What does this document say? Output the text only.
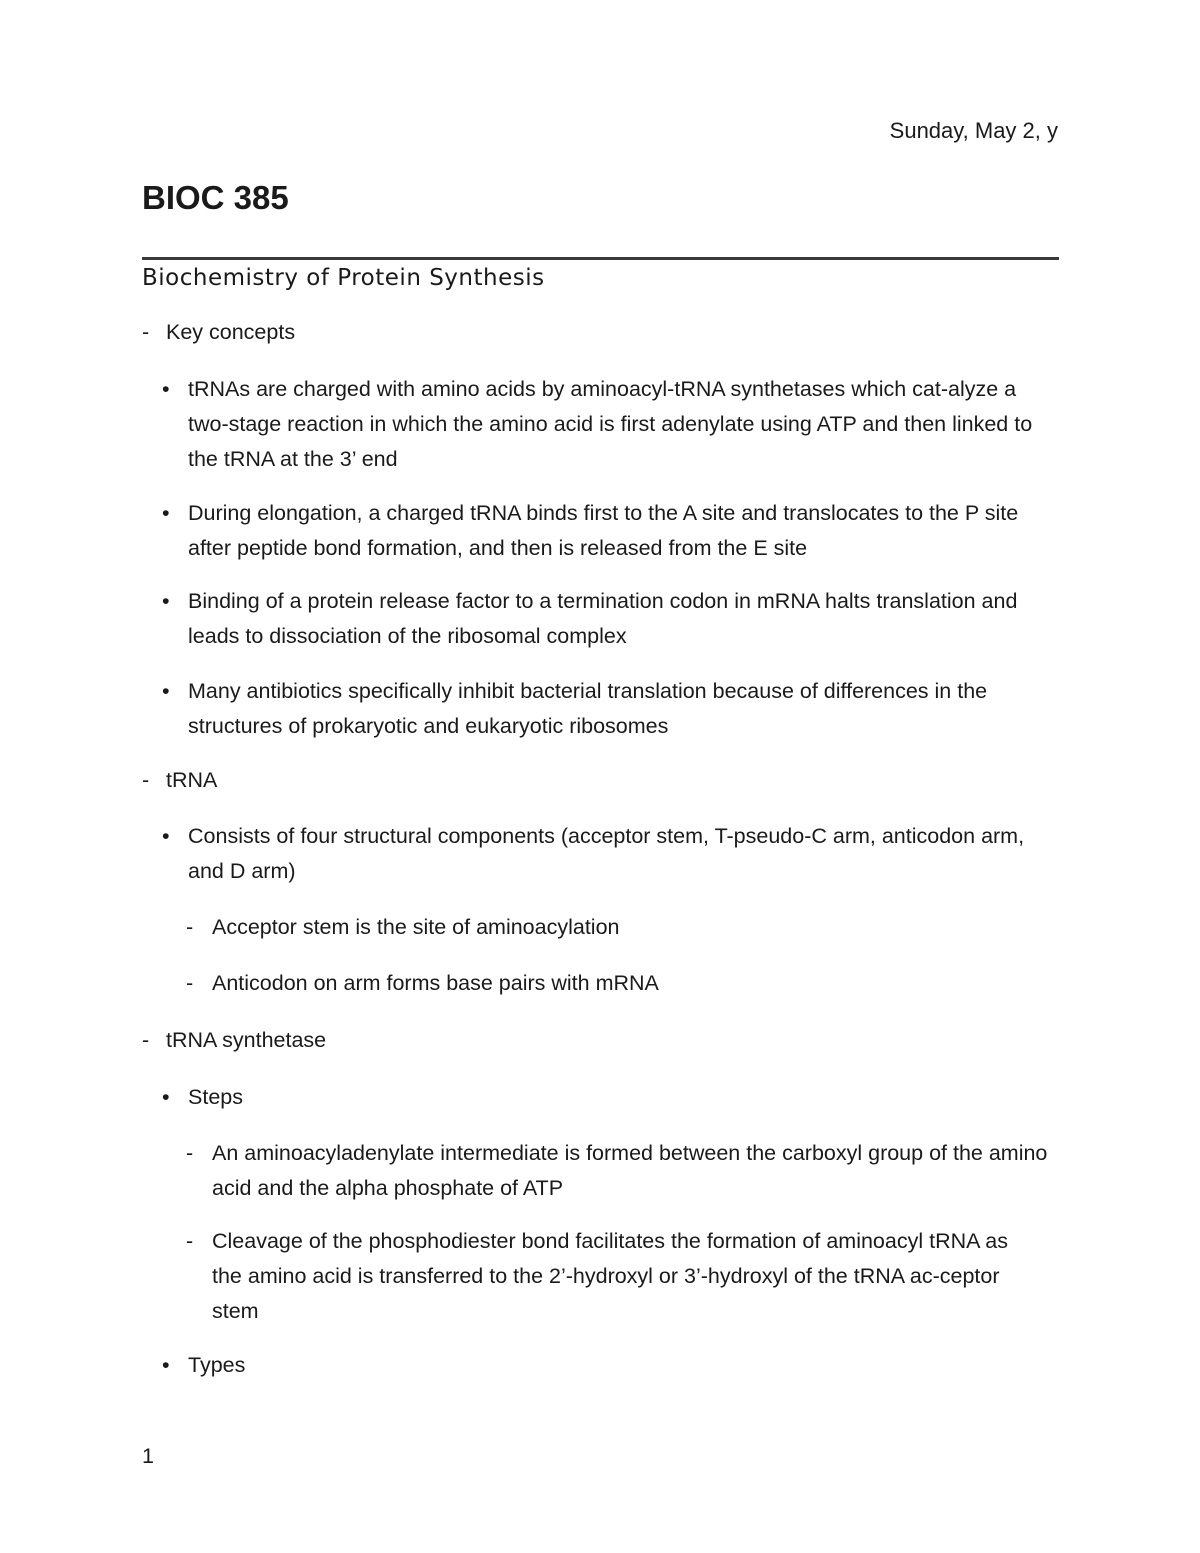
Sunday, May 2, y
BIOC 385
Biochemistry of Protein Synthesis
- Key concepts
• tRNAs are charged with amino acids by aminoacyl-tRNA synthetases which cat-alyze a two-stage reaction in which the amino acid is first adenylate using ATP and then linked to the tRNA at the 3’ end
• During elongation, a charged tRNA binds first to the A site and translocates to the P site after peptide bond formation, and then is released from the E site
• Binding of a protein release factor to a termination codon in mRNA halts translation and leads to dissociation of the ribosomal complex
• Many antibiotics specifically inhibit bacterial translation because of differences in the structures of prokaryotic and eukaryotic ribosomes
- tRNA
• Consists of four structural components (acceptor stem, T-pseudo-C arm, anticodon arm, and D arm)
- Acceptor stem is the site of aminoacylation
- Anticodon on arm forms base pairs with mRNA
- tRNA synthetase
• Steps
- An aminoacyladenylate intermediate is formed between the carboxyl group of the amino acid and the alpha phosphate of ATP
- Cleavage of the phosphodiester bond facilitates the formation of aminoacyl tRNA as the amino acid is transferred to the 2’-hydroxyl or 3’-hydroxyl of the tRNA ac-ceptor stem
• Types
1
